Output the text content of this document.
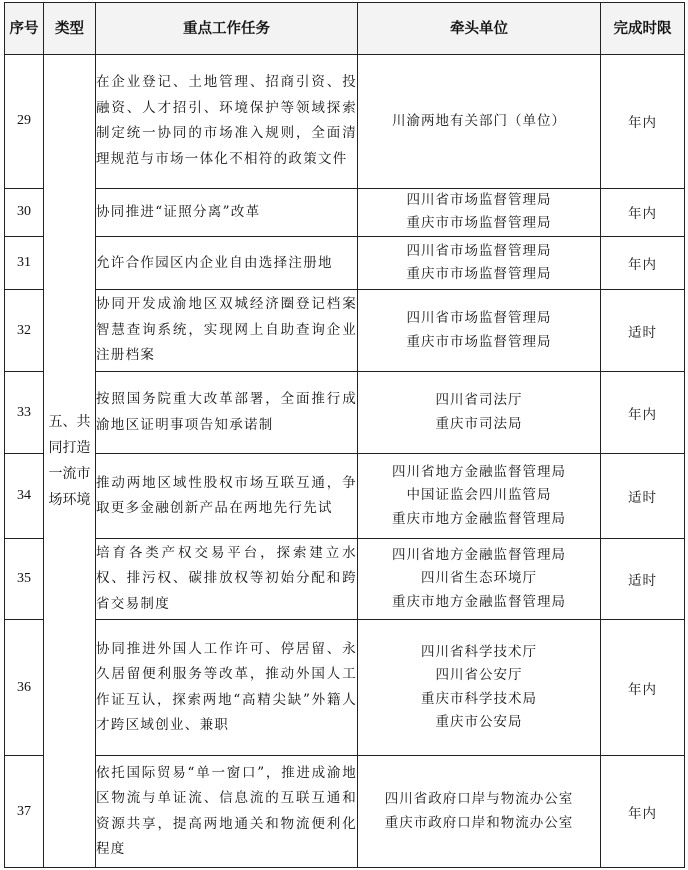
序号	类型	重点工作任务	牵头单位	完成时限
29	五、共同打造一流市场环境	在企业登记、土地管理、招商引资、投融资、人才招引、环境保护等领域探索制定统一协同的市场准入规则，全面清理规范与市场一体化不相符的政策文件	川渝两地有关部门（单位）	年内
30		协同推进“证照分离”改革	四川省市场监督管理局
重庆市市场监督管理局	年内
31		允许合作园区内企业自由选择注册地	四川省市场监督管理局
重庆市市场监督管理局	年内
32		协同开发成渝地区双城经济圈登记档案智慧查询系统，实现网上自助查询企业注册档案	四川省市场监督管理局
重庆市市场监督管理局	适时
33		按照国务院重大改革部署，全面推行成渝地区证明事项告知承诺制	四川省司法厅
重庆市司法局	年内
34		推动两地区域性股权市场互联互通，争取更多金融创新产品在两地先行先试	四川省地方金融监督管理局
中国证监会四川监管局
重庆市地方金融监督管理局	适时
35		培育各类产权交易平台，探索建立水权、排污权、碳排放权等初始分配和跨省交易制度	四川省地方金融监督管理局
四川省生态环境厅
重庆市地方金融监督管理局	适时
36		协同推进外国人工作许可、停居留、永久居留便利服务等改革，推动外国人工作证互认，探索两地“高精尖缺”外籍人才跨区域创业、兼职	四川省科学技术厅
四川省公安厅
重庆市科学技术局
重庆市公安局	年内
37		依托国际贸易“单一窗口”，推进成渝地区物流与单证流、信息流的互联互通和资源共享，提高两地通关和物流便利化程度	四川省政府口岸与物流办公室
重庆市政府口岸和物流办公室	年内
